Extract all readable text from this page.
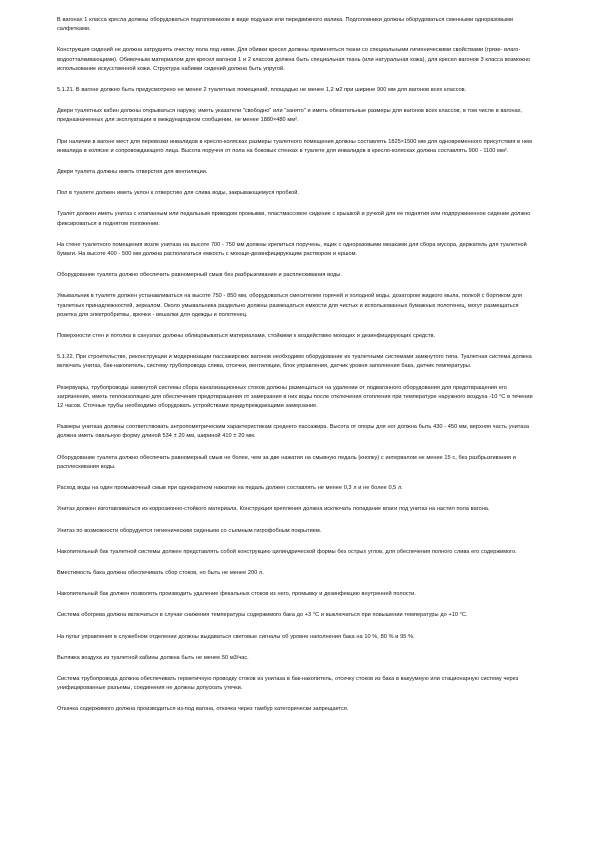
В вагонах 1 класса кресла должны оборудоваться подголовником в виде подушки или передвижного валика. Подголовники должны оборудоваться сменными одноразовыми салфетками.

Конструкция сидений не должна затруднять очистку пола под ними. Для обивки кресел должны применяться ткани со специальными гигиеническими свойствами (грязе- влаго- водоотталкивающими). Обивочным материалом для кресел вагонов 1 и 2 классов должна быть специальная ткань (или натуральная кожа), для кресел вагонов 3 класса возможно использование искусственной кожи. Структура набивки сидений должна быть упругой.

5.1.21. В вагоне должно быть предусмотрено не менее 2 туалетных помещений, площадью не менее 1,2 м2 при ширине 900 мм для вагонов всех классов.

Двери туалетных кабин должны открываться наружу, иметь указатели "свободно" или "занято" и иметь обязательные размеры для вагонов всех классов, в том числе в вагонах, предназначенных для эксплуатации в международном сообщении, не менее 1880×480 мм².

При наличии в вагоне мест для перевозки инвалидов в кресло-колясках размеры туалетного помещения должны составлять 1825×1500 мм для одновременного присутствия в нем инвалида в коляске и сопровождающего лица. Высота поручня от пола на боковых стенках в туалете для инвалидов в кресло-колясках должна составлять 900 - 1100 мм².

Двери туалета должны иметь отверстия для вентиляции.

Пол в туалете должен иметь уклон к отверстию для слива воды, закрывающемуся пробкой.

Туалет должен иметь унитаз с клапанным или педальным приводом промывки, пластмассовое сидение с крышкой и ручкой для ее поднятия или подпружиненное сидение должно фиксироваться в поднятом положении.

На стене туалетного помещения возле унитаза на высоте 700 - 750 мм должны крепиться поручень, ящик с одноразовыми мешками для сбора мусора, держатель для туалетной бумаги. На высоте 400 - 500 мм должна располагаться емкость с моюще-дезинфицирующим раствором и ершом.

Оборудование туалета должно обеспечить равномерный смыв без разбрызгивания и расплескивания воды.

Умывальник в туалете должен устанавливаться на высоте 750 - 850 мм, оборудоваться смесителем горячей и холодной воды, дозатором жидкого мыла, полкой с бортиком для туалетных принадлежностей, зеркалом. Около умывальника раздельно должны размещаться емкости для чистых и использованных бумажных полотенец, могут размещаться розетка для электробритвы, крючки - вешалки для одежды и полотенец.

Поверхности стен и потолка в санузлах должны облицовываться материалами, стойкими к воздействию моющих и дезинфицирующих средств.

5.1.22. При строительстве, реконструкции и модернизации пассажирских вагонов необходимо оборудование их туалетными системами замкнутого типа. Туалетная система должна включать унитаз, бак-накопитель, систему трубопровода слива, отсечки, вентиляции, блок управления, датчик уровня заполнения бака, датчик температуры.

Резервуары, трубопроводы замкнутой системы сбора канализационных стоков должны размещаться на удалении от подвагонного оборудования для предотвращения его загрязнения, иметь теплоизоляцию для обеспечения предотвращения от замерзания в них воды после отключения отопления при температуре наружного воздуха -10 °С в течении 12 часов. Сточные трубы необходимо оборудовать устройствами предупреждающими замерзание.

Размеры унитаза должны соответствовать антропометрическим характеристикам среднего пассажира. Высота от опоры для ног должна быть 430 - 450 мм, верхняя часть унитаза должна иметь овальную форму длиной 534 ± 20 мм, шириной 410 ± 20 мм.

Оборудование туалета должно обеспечить равномерный смыв не более, чем за две нажатия на смывную педаль (кнопку) с интервалом не менее 15 с, без разбрызгивания и расплескивания воды.

Расход воды на один промывочный смыв при однократном нажатии на педаль должен составлять не менее 0,3 л и не более 0,5 л.

Унитаз должен изготавливаться из коррозионно-стойкого материала. Конструкция крепления должна исключать попадание влаги под унитаз на настил пола вагона.

Унитаз по возможности оборудуется гигиеническим сиденьем со съемным гигрофобным покрытием.

Накопительный бак туалетной системы должен представлять собой конструкцию цилиндрической формы без острых углов, для обеспечения полного слива его содержимого.

Вместимость бака должна обеспечивать сбор стоков, но быть не менее 200 л.

Накопительный бак должен позволять производить удаление фекальных стоков из него, промывку и дезинфекцию внутренней полости.

Система обогрева должна включаться в случае снижения температуры содержимого бака до +3 °С и выключаться при повышении температуры до +10 °С.

На пульт управления в служебном отделении должны выдаваться световые сигналы об уровне наполнения бака на 10 %, 80 % и 95 %.

Вытяжка воздуха из туалетной кабины должна быть не менее 50 м3/час.

Система трубопровода должна обеспечивать герметичную проводку стоков из унитаза в бак-накопитель, отсечку стоков из бака в вакуумную или стационарную систему через унифицированные разъемы, соединения не должны допускать утечки.

Откачка содержимого должна производиться из-под вагона, откачка через тамбур категорически запрещается.
